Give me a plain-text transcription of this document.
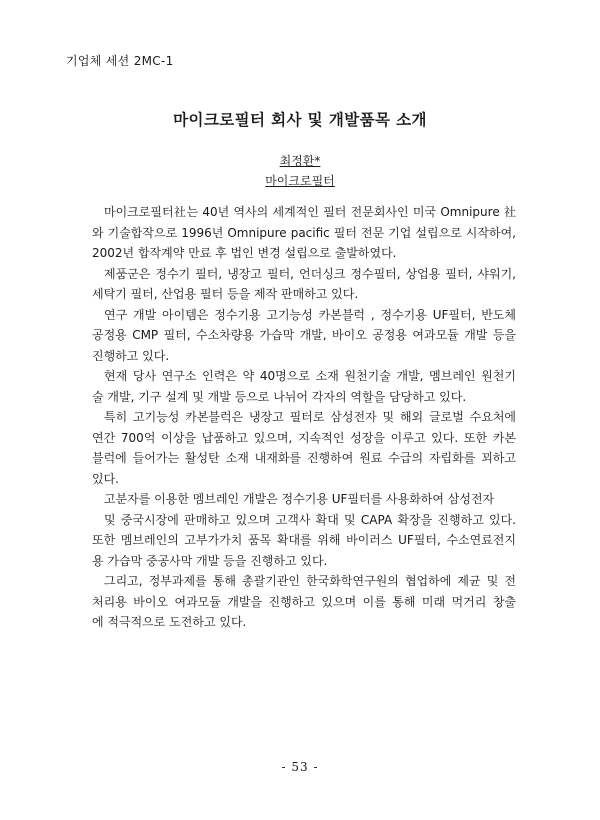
기업체 세션 2MC-1
마이크로필터 회사 및 개발품목 소개
최정환*
마이크로필터
마이크로필터社는 40년 역사의 세계적인 필터 전문회사인 미국 Omnipure 社
와 기술합작으로 1996년 Omnipure pacific 필터 전문 기업 설립으로 시작하여,
2002년 합작계약 만료 후 법인 변경 설립으로 출발하였다.
제품군은 정수기 필터, 냉장고 필터, 언더싱크 정수필터, 상업용 필터, 샤워기,
세탁기 필터, 산업용 필터 등을 제작 판매하고 있다.
연구 개발 아이템은 정수기용 고기능성 카본블럭 , 정수기용 UF필터, 반도체
공정용 CMP 필터, 수소차량용 가습막 개발, 바이오 공정용 여과모듈 개발 등을
진행하고 있다.
현재 당사 연구소 인력은 약 40명으로 소재 원천기술 개발, 멤브레인 원천기
술 개발, 기구 설계 및 개발 등으로 나뉘어 각자의 역할을 담당하고 있다.
특히 고기능성 카본블럭은 냉장고 필터로 삼성전자 및 해외 글로벌 수요처에
연간 700억 이상을 납품하고 있으며, 지속적인 성장을 이루고 있다. 또한 카본
블럭에 들어가는 활성탄 소재 내재화를 진행하여 원료 수급의 자립화를 꾀하고
있다.
고분자를 이용한 멤브레인 개발은 정수기용 UF필터를 사용화하여 삼성전자
및 중국시장에 판매하고 있으며 고객사 확대 및 CAPA 확장을 진행하고 있다.
또한 멤브레인의 고부가가치 품목 확대를 위해 바이러스 UF필터, 수소연료전지
용 가습막 중공사막 개발 등을 진행하고 있다.
그리고, 정부과제를 통해 총괄기관인 한국화학연구원의 협업하에 제균 및 전
처리용 바이오 여과모듈 개발을 진행하고 있으며 이를 통해 미래 먹거리 창출
에 적극적으로 도전하고 있다.
- 53 -
